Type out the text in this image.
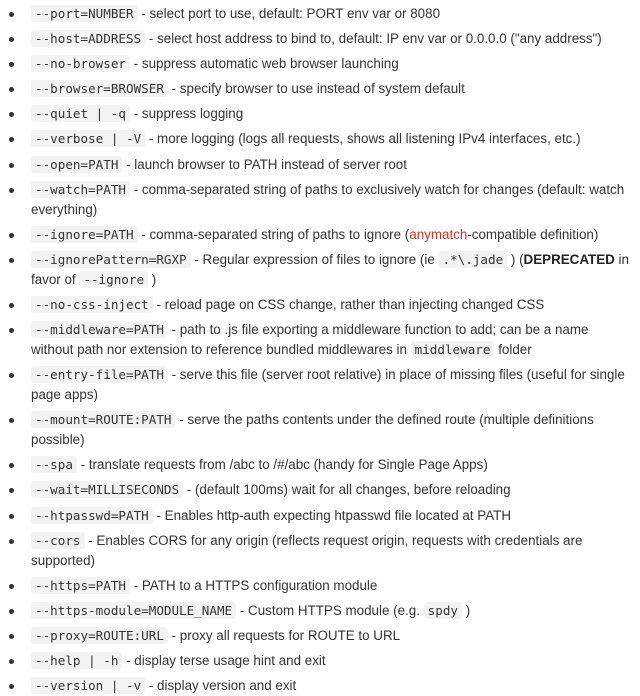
--port=NUMBER - select port to use, default: PORT env var or 8080
--host=ADDRESS - select host address to bind to, default: IP env var or 0.0.0.0 ("any address")
--no-browser - suppress automatic web browser launching
--browser=BROWSER - specify browser to use instead of system default
--quiet | -q - suppress logging
--verbose | -V - more logging (logs all requests, shows all listening IPv4 interfaces, etc.)
--open=PATH - launch browser to PATH instead of server root
--watch=PATH - comma-separated string of paths to exclusively watch for changes (default: watch everything)
--ignore=PATH - comma-separated string of paths to ignore (anymatch-compatible definition)
--ignorePattern=RGXP - Regular expression of files to ignore (ie .*\.jade ) (DEPRECATED in favor of --ignore )
--no-css-inject - reload page on CSS change, rather than injecting changed CSS
--middleware=PATH - path to .js file exporting a middleware function to add; can be a name without path nor extension to reference bundled middlewares in middleware folder
--entry-file=PATH - serve this file (server root relative) in place of missing files (useful for single page apps)
--mount=ROUTE:PATH - serve the paths contents under the defined route (multiple definitions possible)
--spa - translate requests from /abc to /#/abc (handy for Single Page Apps)
--wait=MILLISECONDS - (default 100ms) wait for all changes, before reloading
--htpasswd=PATH - Enables http-auth expecting htpasswd file located at PATH
--cors - Enables CORS for any origin (reflects request origin, requests with credentials are supported)
--https=PATH - PATH to a HTTPS configuration module
--https-module=MODULE_NAME - Custom HTTPS module (e.g. spdy )
--proxy=ROUTE:URL - proxy all requests for ROUTE to URL
--help | -h - display terse usage hint and exit
--version | -v - display version and exit
